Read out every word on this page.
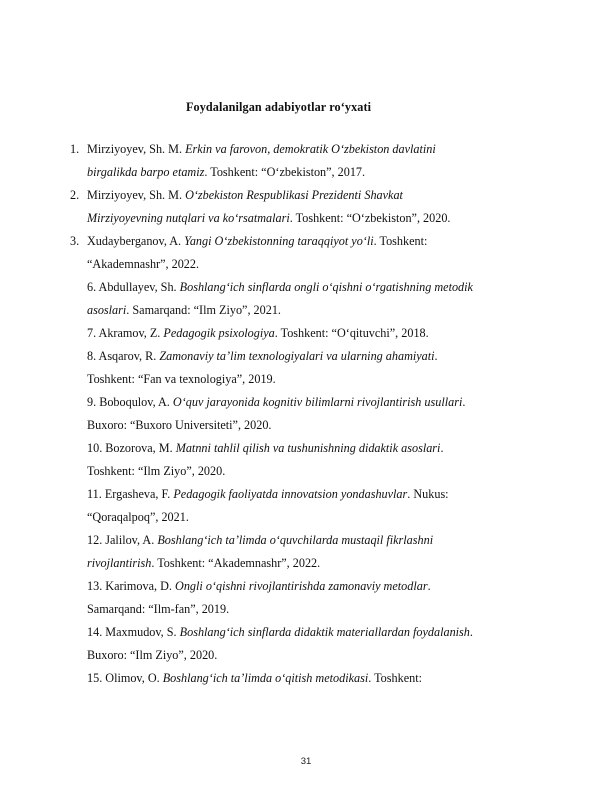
Foydalanilgan adabiyotlar ro‘yxati
1. Mirziyoyev, Sh. M. Erkin va farovon, demokratik O‘zbekiston davlatini
birgalikda barpo etamiz. Toshkent: “O‘zbekiston”, 2017.
2. Mirziyoyev, Sh. M. O‘zbekiston Respublikasi Prezidenti Shavkat
Mirziyoyevning nutqlari va ko‘rsatmalari. Toshkent: “O‘zbekiston”, 2020.
3. Xudayberganov, A. Yangi O‘zbekistonning taraqqiyot yo‘li. Toshkent:
“Akademnashr”, 2022.
6. Abdullayev, Sh. Boshlang‘ich sinflarda ongli o‘qishni o‘rgatishning metodik
asoslari. Samarqand: “Ilm Ziyo”, 2021.
7. Akramov, Z. Pedagogik psixologiya. Toshkent: “O‘qituvchi”, 2018.
8. Asqarov, R. Zamonaviy ta’lim texnologiyalari va ularning ahamiyati.
Toshkent: “Fan va texnologiya”, 2019.
9. Boboqulov, A. O‘quv jarayonida kognitiv bilimlarni rivojlantirish usullari.
Buxoro: “Buxoro Universiteti”, 2020.
10. Bozorova, M. Matnni tahlil qilish va tushunishning didaktik asoslari.
Toshkent: “Ilm Ziyo”, 2020.
11. Ergasheva, F. Pedagogik faoliyatda innovatsion yondashuvlar. Nukus:
“Qoraqalpoq”, 2021.
12. Jalilov, A. Boshlang‘ich ta’limda o‘quvchilarda mustaqil fikrlashni
rivojlantirish. Toshkent: “Akademnashr”, 2022.
13. Karimova, D. Ongli o‘qishni rivojlantirishda zamonaviy metodlar.
Samarqand: “Ilm-fan”, 2019.
14. Maxmudov, S. Boshlang‘ich sinflarda didaktik materiallardan foydalanish.
Buxoro: “Ilm Ziyo”, 2020.
15. Olimov, O. Boshlang‘ich ta’limda o‘qitish metodikasi. Toshkent:
31
